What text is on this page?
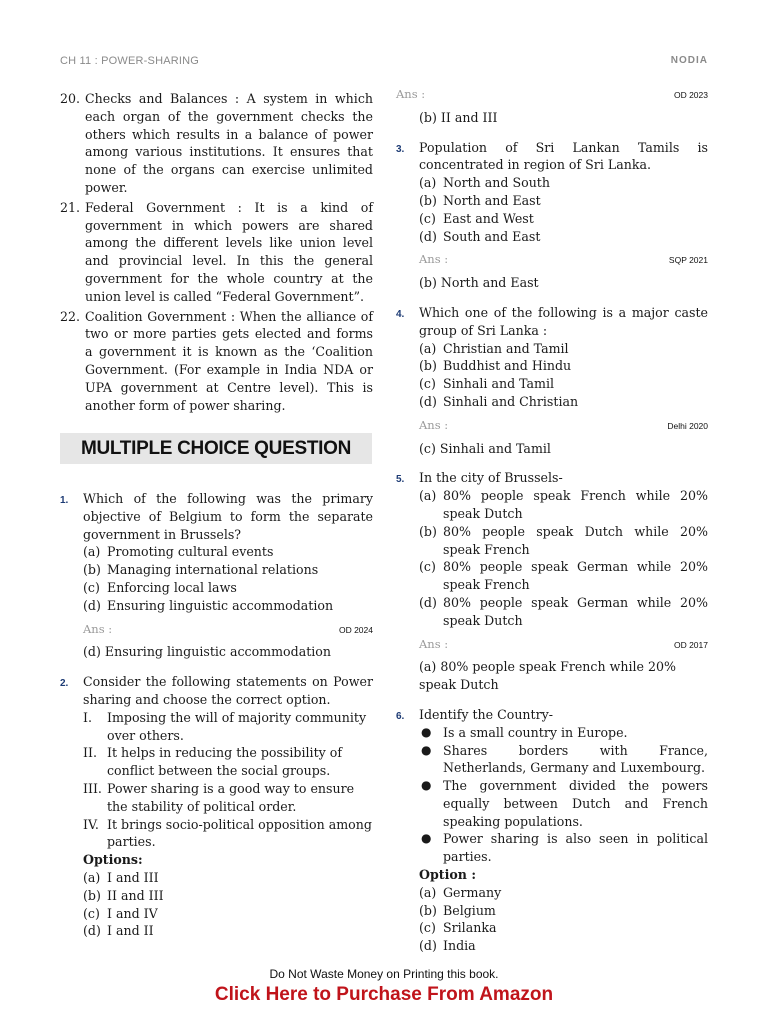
CH 11 : POWER-SHARING	NODIA
20. Checks and Balances : A system in which each organ of the government checks the others which results in a balance of power among various institutions. It ensures that none of the organs can exercise unlimited power.
21. Federal Government : It is a kind of government in which powers are shared among the different levels like union level and provincial level. In this the general government for the whole country at the union level is called “Federal Government”.
22. Coalition Government : When the alliance of two or more parties gets elected and forms a government it is known as the ‘Coalition Government. (For example in India NDA or UPA government at Centre level). This is another form of power sharing.
MULTIPLE CHOICE QUESTION
1. Which of the following was the primary objective of Belgium to form the separate government in Brussels?
(a) Promoting cultural events
(b) Managing international relations
(c) Enforcing local laws
(d) Ensuring linguistic accommodation
Ans :	OD 2024
(d) Ensuring linguistic accommodation
2. Consider the following statements on Power sharing and choose the correct option.
I. Imposing the will of majority community over others.
II. It helps in reducing the possibility of conflict between the social groups.
III. Power sharing is a good way to ensure the stability of political order.
IV. It brings socio-political opposition among parties.
Options:
(a) I and III
(b) II and III
(c) I and IV
(d) I and II
Ans :	OD 2023
(b) II and III
3. Population of Sri Lankan Tamils is concentrated in region of Sri Lanka.
(a) North and South
(b) North and East
(c) East and West
(d) South and East
Ans :	SQP 2021
(b) North and East
4. Which one of the following is a major caste group of Sri Lanka :
(a) Christian and Tamil
(b) Buddhist and Hindu
(c) Sinhali and Tamil
(d) Sinhali and Christian
Ans :	Delhi 2020
(c) Sinhali and Tamil
5. In the city of Brussels-
(a) 80% people speak French while 20% speak Dutch
(b) 80% people speak Dutch while 20% speak French
(c) 80% people speak German while 20% speak French
(d) 80% people speak German while 20% speak Dutch
Ans :	OD 2017
(a) 80% people speak French while 20% speak Dutch
6. Identify the Country-
● Is a small country in Europe.
● Shares borders with France, Netherlands, Germany and Luxembourg.
● The government divided the powers equally between Dutch and French speaking populations.
● Power sharing is also seen in political parties.
Option :
(a) Germany
(b) Belgium
(c) Srilanka
(d) India
Do Not Waste Money on Printing this book.
Click Here to Purchase From Amazon
